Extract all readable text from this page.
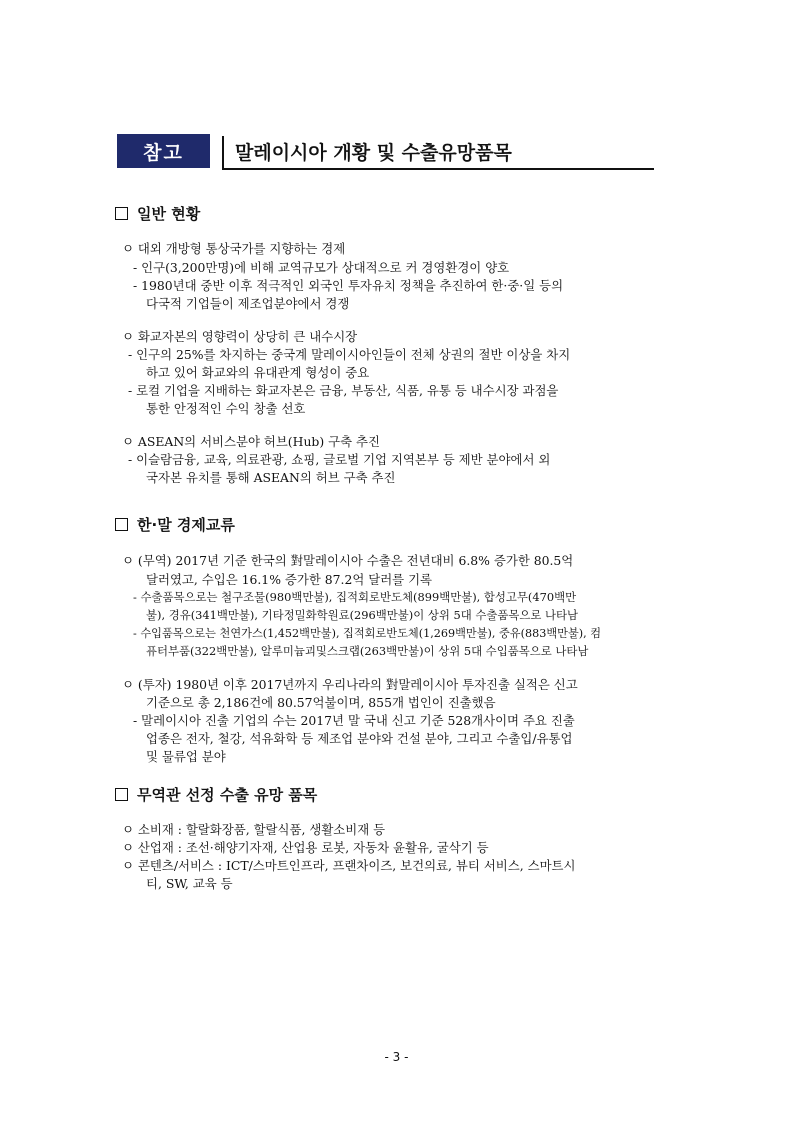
참고	말레이시아 개황 및 수출유망품목
일반 현황
ㅇ 대외 개방형 통상국가를 지향하는 경제
- 인구(3,200만명)에 비해 교역규모가 상대적으로 커 경영환경이 양호
- 1980년대 중반 이후 적극적인 외국인 투자유치 정책을 추진하여 한·중·일 등의
다국적 기업들이 제조업분야에서 경쟁
ㅇ 화교자본의 영향력이 상당히 큰 내수시장
- 인구의 25%를 차지하는 중국계 말레이시아인들이 전체 상권의 절반 이상을 차지
하고 있어 화교와의 유대관계 형성이 중요
- 로컬 기업을 지배하는 화교자본은 금융, 부동산, 식품, 유통 등 내수시장 과점을
통한 안정적인 수익 창출 선호
ㅇ ASEAN의 서비스분야 허브(Hub) 구축 추진
- 이슬람금융, 교육, 의료관광, 쇼핑, 글로벌 기업 지역본부 등 제반 분야에서 외
국자본 유치를 통해 ASEAN의 허브 구축 추진
한·말 경제교류
ㅇ (무역) 2017년 기준 한국의 對말레이시아 수출은 전년대비 6.8% 증가한 80.5억
달러였고, 수입은 16.1% 증가한 87.2억 달러를 기록
- 수출품목으로는 철구조물(980백만불), 집적회로반도체(899백만불), 합성고무(470백만
불), 경유(341백만불), 기타정밀화학원료(296백만불)이 상위 5대 수출품목으로 나타남
- 수입품목으로는 천연가스(1,452백만불), 집적회로반도체(1,269백만불), 중유(883백만불), 컴
퓨터부품(322백만불), 알루미늄괴및스크랩(263백만불)이 상위 5대 수입품목으로 나타남
ㅇ (투자) 1980년 이후 2017년까지 우리나라의 對말레이시아 투자진출 실적은 신고
기준으로 총 2,186건에 80.57억불이며, 855개 법인이 진출했음
- 말레이시아 진출 기업의 수는 2017년 말 국내 신고 기준 528개사이며 주요 진출
업종은 전자, 철강, 석유화학 등 제조업 분야와 건설 분야, 그리고 수출입/유통업
및 물류업 분야
무역관 선정 수출 유망 품목
ㅇ 소비재 : 할랄화장품, 할랄식품, 생활소비재 등
ㅇ 산업재 : 조선·해양기자재, 산업용 로봇, 자동차 윤활유, 굴삭기 등
ㅇ 콘텐츠/서비스 : ICT/스마트인프라, 프랜차이즈, 보건의료, 뷰티 서비스, 스마트시
티, SW, 교육 등
- 3 -
